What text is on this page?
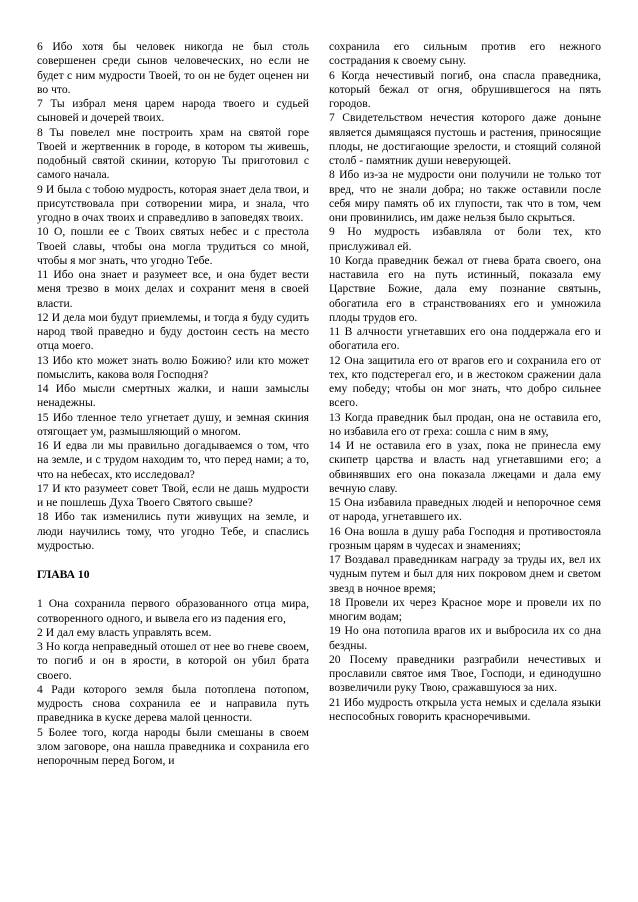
6 Ибо хотя бы человек никогда не был столь совершенен среди сынов человеческих, но если не будет с ним мудрости Твоей, то он не будет оценен ни во что.

7 Ты избрал меня царем народа твоего и судьей сыновей и дочерей твоих.

8 Ты повелел мне построить храм на святой горе Твоей и жертвенник в городе, в котором ты живешь, подобный святой скинии, которую Ты приготовил с самого начала.

9 И была с тобою мудрость, которая знает дела твои, и присутствовала при сотворении мира, и знала, что угодно в очах твоих и справедливо в заповедях твоих.

10 О, пошли ее с Твоих святых небес и с престола Твоей славы, чтобы она могла трудиться со мной, чтобы я мог знать, что угодно Тебе.

11 Ибо она знает и разумеет все, и она будет вести меня трезво в моих делах и сохранит меня в своей власти.

12 И дела мои будут приемлемы, и тогда я буду судить народ твой праведно и буду достоин сесть на место отца моего.

13 Ибо кто может знать волю Божию? или кто может помыслить, какова воля Господня?

14 Ибо мысли смертных жалки, и наши замыслы ненадежны.

15 Ибо тленное тело угнетает душу, и земная скиния отягощает ум, размышляющий о многом.

16 И едва ли мы правильно догадываемся о том, что на земле, и с трудом находим то, что перед нами; а то, что на небесах, кто исследовал?

17 И кто разумеет совет Твой, если не дашь мудрости и не пошлешь Духа Твоего Святого свыше?

18 Ибо так изменились пути живущих на земле, и люди научились тому, что угодно Тебе, и спаслись мудростью.

ГЛАВА 10

1 Она сохранила первого образованного отца мира, сотворенного одного, и вывела его из падения его,

2 И дал ему власть управлять всем.

3 Но когда неправедный отошел от нее во гневе своем, то погиб и он в ярости, в которой он убил брата своего.

4 Ради которого земля была потоплена потопом, мудрость снова сохранила ее и направила путь праведника в куске дерева малой ценности.

5 Более того, когда народы были смешаны в своем злом заговоре, она нашла праведника и сохранила его непорочным перед Богом, и

сохранила его сильным против его нежного сострадания к своему сыну.

6 Когда нечестивый погиб, она спасла праведника, который бежал от огня, обрушившегося на пять городов.

7 Свидетельством нечестия которого даже доныне является дымящаяся пустошь и растения, приносящие плоды, не достигающие зрелости, и стоящий соляной столб - памятник души неверующей.

8 Ибо из-за не мудрости они получили не только тот вред, что не знали добра; но также оставили после себя миру память об их глупости, так что в том, чем они провинились, им даже нельзя было скрыться.

9 Но мудрость избавляла от боли тех, кто прислуживал ей.

10 Когда праведник бежал от гнева брата своего, она наставила его на путь истинный, показала ему Царствие Божие, дала ему познание святынь, обогатила его в странствованиях его и умножила плоды трудов его.

11 В алчности угнетавших его она поддержала его и обогатила его.

12 Она защитила его от врагов его и сохранила его от тех, кто подстерегал его, и в жестоком сражении дала ему победу; чтобы он мог знать, что добро сильнее всего.

13 Когда праведник был продан, она не оставила его, но избавила его от греха: сошла с ним в яму,

14 И не оставила его в узах, пока не принесла ему скипетр царства и власть над угнетавшими его; а обвинявших его она показала лжецами и дала ему вечную славу.

15 Она избавила праведных людей и непорочное семя от народа, угнетавшего их.

16 Она вошла в душу раба Господня и противостояла грозным царям в чудесах и знамениях;

17 Воздавал праведникам награду за труды их, вел их чудным путем и был для них покровом днем и светом звезд в ночное время;

18 Провели их через Красное море и провели их по многим водам;

19 Но она потопила врагов их и выбросила их со дна бездны.

20 Посему праведники разграбили нечестивых и прославили святое имя Твое, Господи, и единодушно возвеличили руку Твою, сражавшуюся за них.

21 Ибо мудрость открыла уста немых и сделала языки неспособных говорить красноречивыми.
